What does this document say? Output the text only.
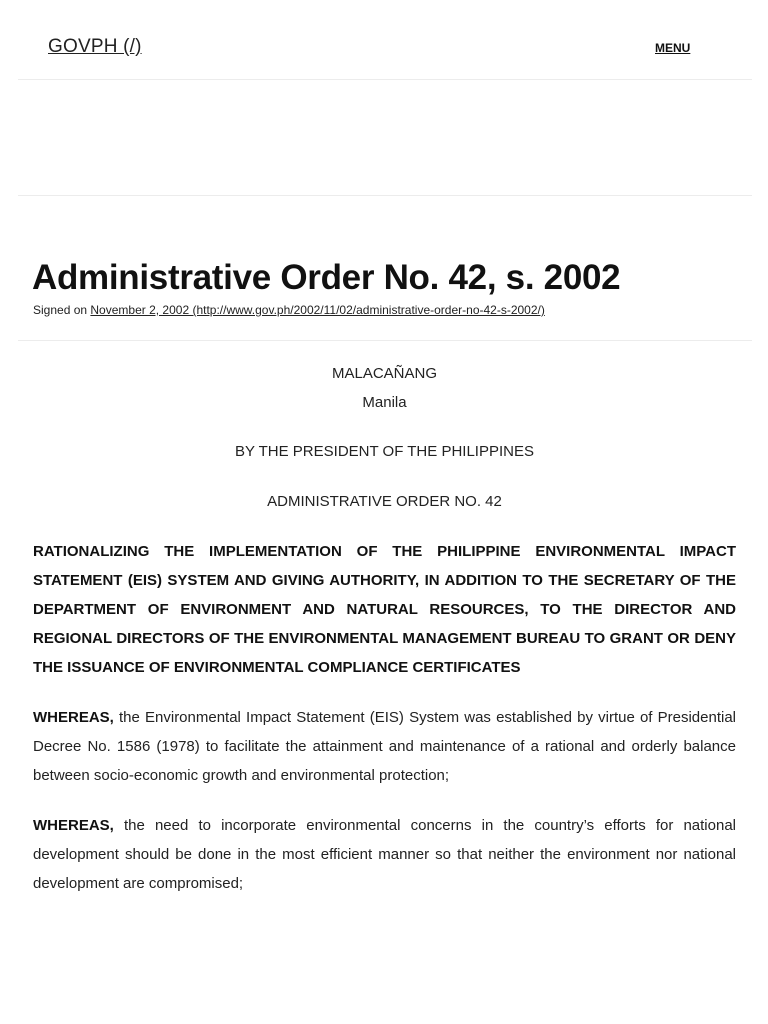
GOVPH (/)	MENU
Administrative Order No. 42, s. 2002
Signed on November 2, 2002 (http://www.gov.ph/2002/11/02/administrative-order-no-42-s-2002/)

MALACAÑANG

Manila

BY THE PRESIDENT OF THE PHILIPPINES

ADMINISTRATIVE ORDER NO. 42

RATIONALIZING THE IMPLEMENTATION OF THE PHILIPPINE ENVIRONMENTAL IMPACT STATEMENT (EIS) SYSTEM AND GIVING AUTHORITY, IN ADDITION TO THE SECRETARY OF THE DEPARTMENT OF ENVIRONMENT AND NATURAL RESOURCES, TO THE DIRECTOR AND REGIONAL DIRECTORS OF THE ENVIRONMENTAL MANAGEMENT BUREAU TO GRANT OR DENY THE ISSUANCE OF ENVIRONMENTAL COMPLIANCE CERTIFICATES

WHEREAS, the Environmental Impact Statement (EIS) System was established by virtue of Presidential Decree No. 1586 (1978) to facilitate the attainment and maintenance of a rational and orderly balance between socio-economic growth and environmental protection;

WHEREAS, the need to incorporate environmental concerns in the country’s efforts for national development should be done in the most efficient manner so that neither the environment nor national development are compromised;
